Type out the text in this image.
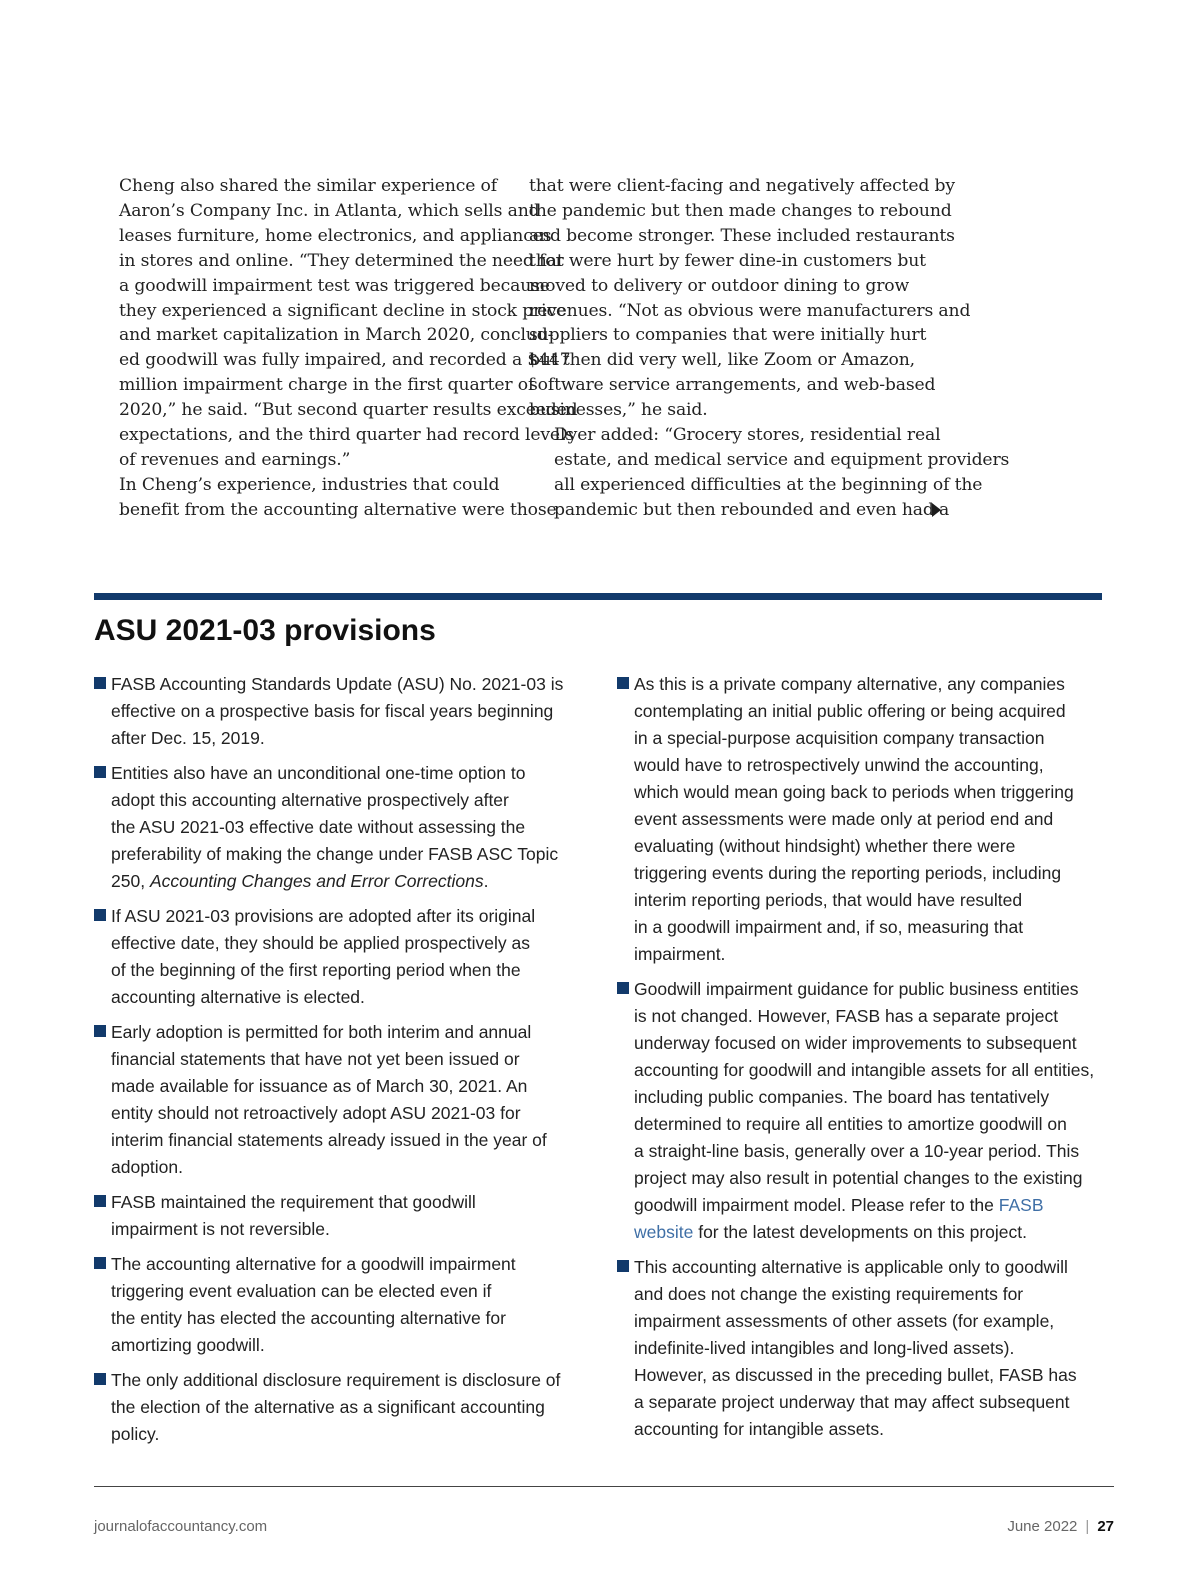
Cheng also shared the similar experience of
Aaron’s Company Inc. in Atlanta, which sells and
leases furniture, home electronics, and appliances
in stores and online. “They determined the need for
a goodwill impairment test was triggered because
they experienced a significant decline in stock price
and market capitalization in March 2020, conclud-
ed goodwill was fully impaired, and recorded a $447
million impairment charge in the first quarter of
2020,” he said. “But second quarter results exceeded
expectations, and the third quarter had record levels
of revenues and earnings.”

In Cheng’s experience, industries that could
benefit from the accounting alternative were those

that were client-facing and negatively affected by
the pandemic but then made changes to rebound
and become stronger. These included restaurants
that were hurt by fewer dine-in customers but
moved to delivery or outdoor dining to grow
revenues. “Not as obvious were manufacturers and
suppliers to companies that were initially hurt
but then did very well, like Zoom or Amazon,
software service arrangements, and web-based
businesses,” he said.

Dyer added: “Grocery stores, residential real
estate, and medical service and equipment providers
all experienced difficulties at the beginning of the
pandemic but then rebounded and even had a

ASU 2021-03 provisions
FASB Accounting Standards Update (ASU) No. 2021-03 is
effective on a prospective basis for fiscal years beginning
after Dec. 15, 2019.
Entities also have an unconditional one-time option to
adopt this accounting alternative prospectively after
the ASU 2021-03 effective date without assessing the
preferability of making the change under FASB ASC Topic
250, Accounting Changes and Error Corrections.
If ASU 2021-03 provisions are adopted after its original
effective date, they should be applied prospectively as
of the beginning of the first reporting period when the
accounting alternative is elected.
Early adoption is permitted for both interim and annual
financial statements that have not yet been issued or
made available for issuance as of March 30, 2021. An
entity should not retroactively adopt ASU 2021-03 for
interim financial statements already issued in the year of
adoption.
FASB maintained the requirement that goodwill
impairment is not reversible.
The accounting alternative for a goodwill impairment
triggering event evaluation can be elected even if
the entity has elected the accounting alternative for
amortizing goodwill.
The only additional disclosure requirement is disclosure of
the election of the alternative as a significant accounting
policy.
As this is a private company alternative, any companies
contemplating an initial public offering or being acquired
in a special-purpose acquisition company transaction
would have to retrospectively unwind the accounting,
which would mean going back to periods when triggering
event assessments were made only at period end and
evaluating (without hindsight) whether there were
triggering events during the reporting periods, including
interim reporting periods, that would have resulted
in a goodwill impairment and, if so, measuring that
impairment.
Goodwill impairment guidance for public business entities
is not changed. However, FASB has a separate project
underway focused on wider improvements to subsequent
accounting for goodwill and intangible assets for all entities,
including public companies. The board has tentatively
determined to require all entities to amortize goodwill on
a straight-line basis, generally over a 10-year period. This
project may also result in potential changes to the existing
goodwill impairment model. Please refer to the FASB
website for the latest developments on this project.
This accounting alternative is applicable only to goodwill
and does not change the existing requirements for
impairment assessments of other assets (for example,
indefinite-lived intangibles and long-lived assets).
However, as discussed in the preceding bullet, FASB has
a separate project underway that may affect subsequent
accounting for intangible assets.
journalofaccountancy.com	June 2022 | 27
